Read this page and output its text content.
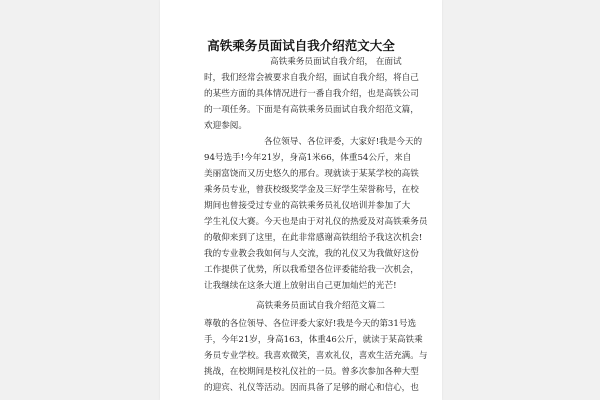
高铁乘务员面试自我介绍范文大全
高铁乘务员面试自我介绍， 在面试
时，我们经常会被要求自我介绍，面试自我介绍，将自己
的某些方面的具体情况进行一番自我介绍，也是高铁公司
的一项任务。下面是有高铁乘务员面试自我介绍范文篇，
欢迎参阅。
各位领导、各位评委，大家好!我是今天的
94号选手!今年21岁，身高1米66，体重54公斤，来自
美丽富饶而又历史悠久的邢台。现就读于某某学校的高铁
乘务员专业，曾获校级奖学金及三好学生荣誉称号，在校
期间也曾接受过专业的高铁乘务员礼仪培训并参加了大
学生礼仪大赛。今天也是由于对礼仪的热爱及对高铁乘务员
的敬仰来到了这里，在此非常感谢高铁组给予我这次机会!
我的专业教会我如何与人交流，我的礼仪又为我做好这份
工作提供了优势，所以我希望各位评委能给我一次机会，
让我继续在这条大道上放射出自己更加灿烂的光芒!
高铁乘务员面试自我介绍范文篇二
尊敬的各位领导、各位评委大家好!我是今天的第31号选
手，今年21岁，身高163，体重46公斤，就读于某高铁乘
务员专业学校。我喜欢微笑，喜欢礼仪，喜欢生活充满。与
挑战，在校期间是校礼仪社的一员。曾多次参加各种大型
的迎宾、礼仪等活动。因而具备了足够的耐心和信心，也
